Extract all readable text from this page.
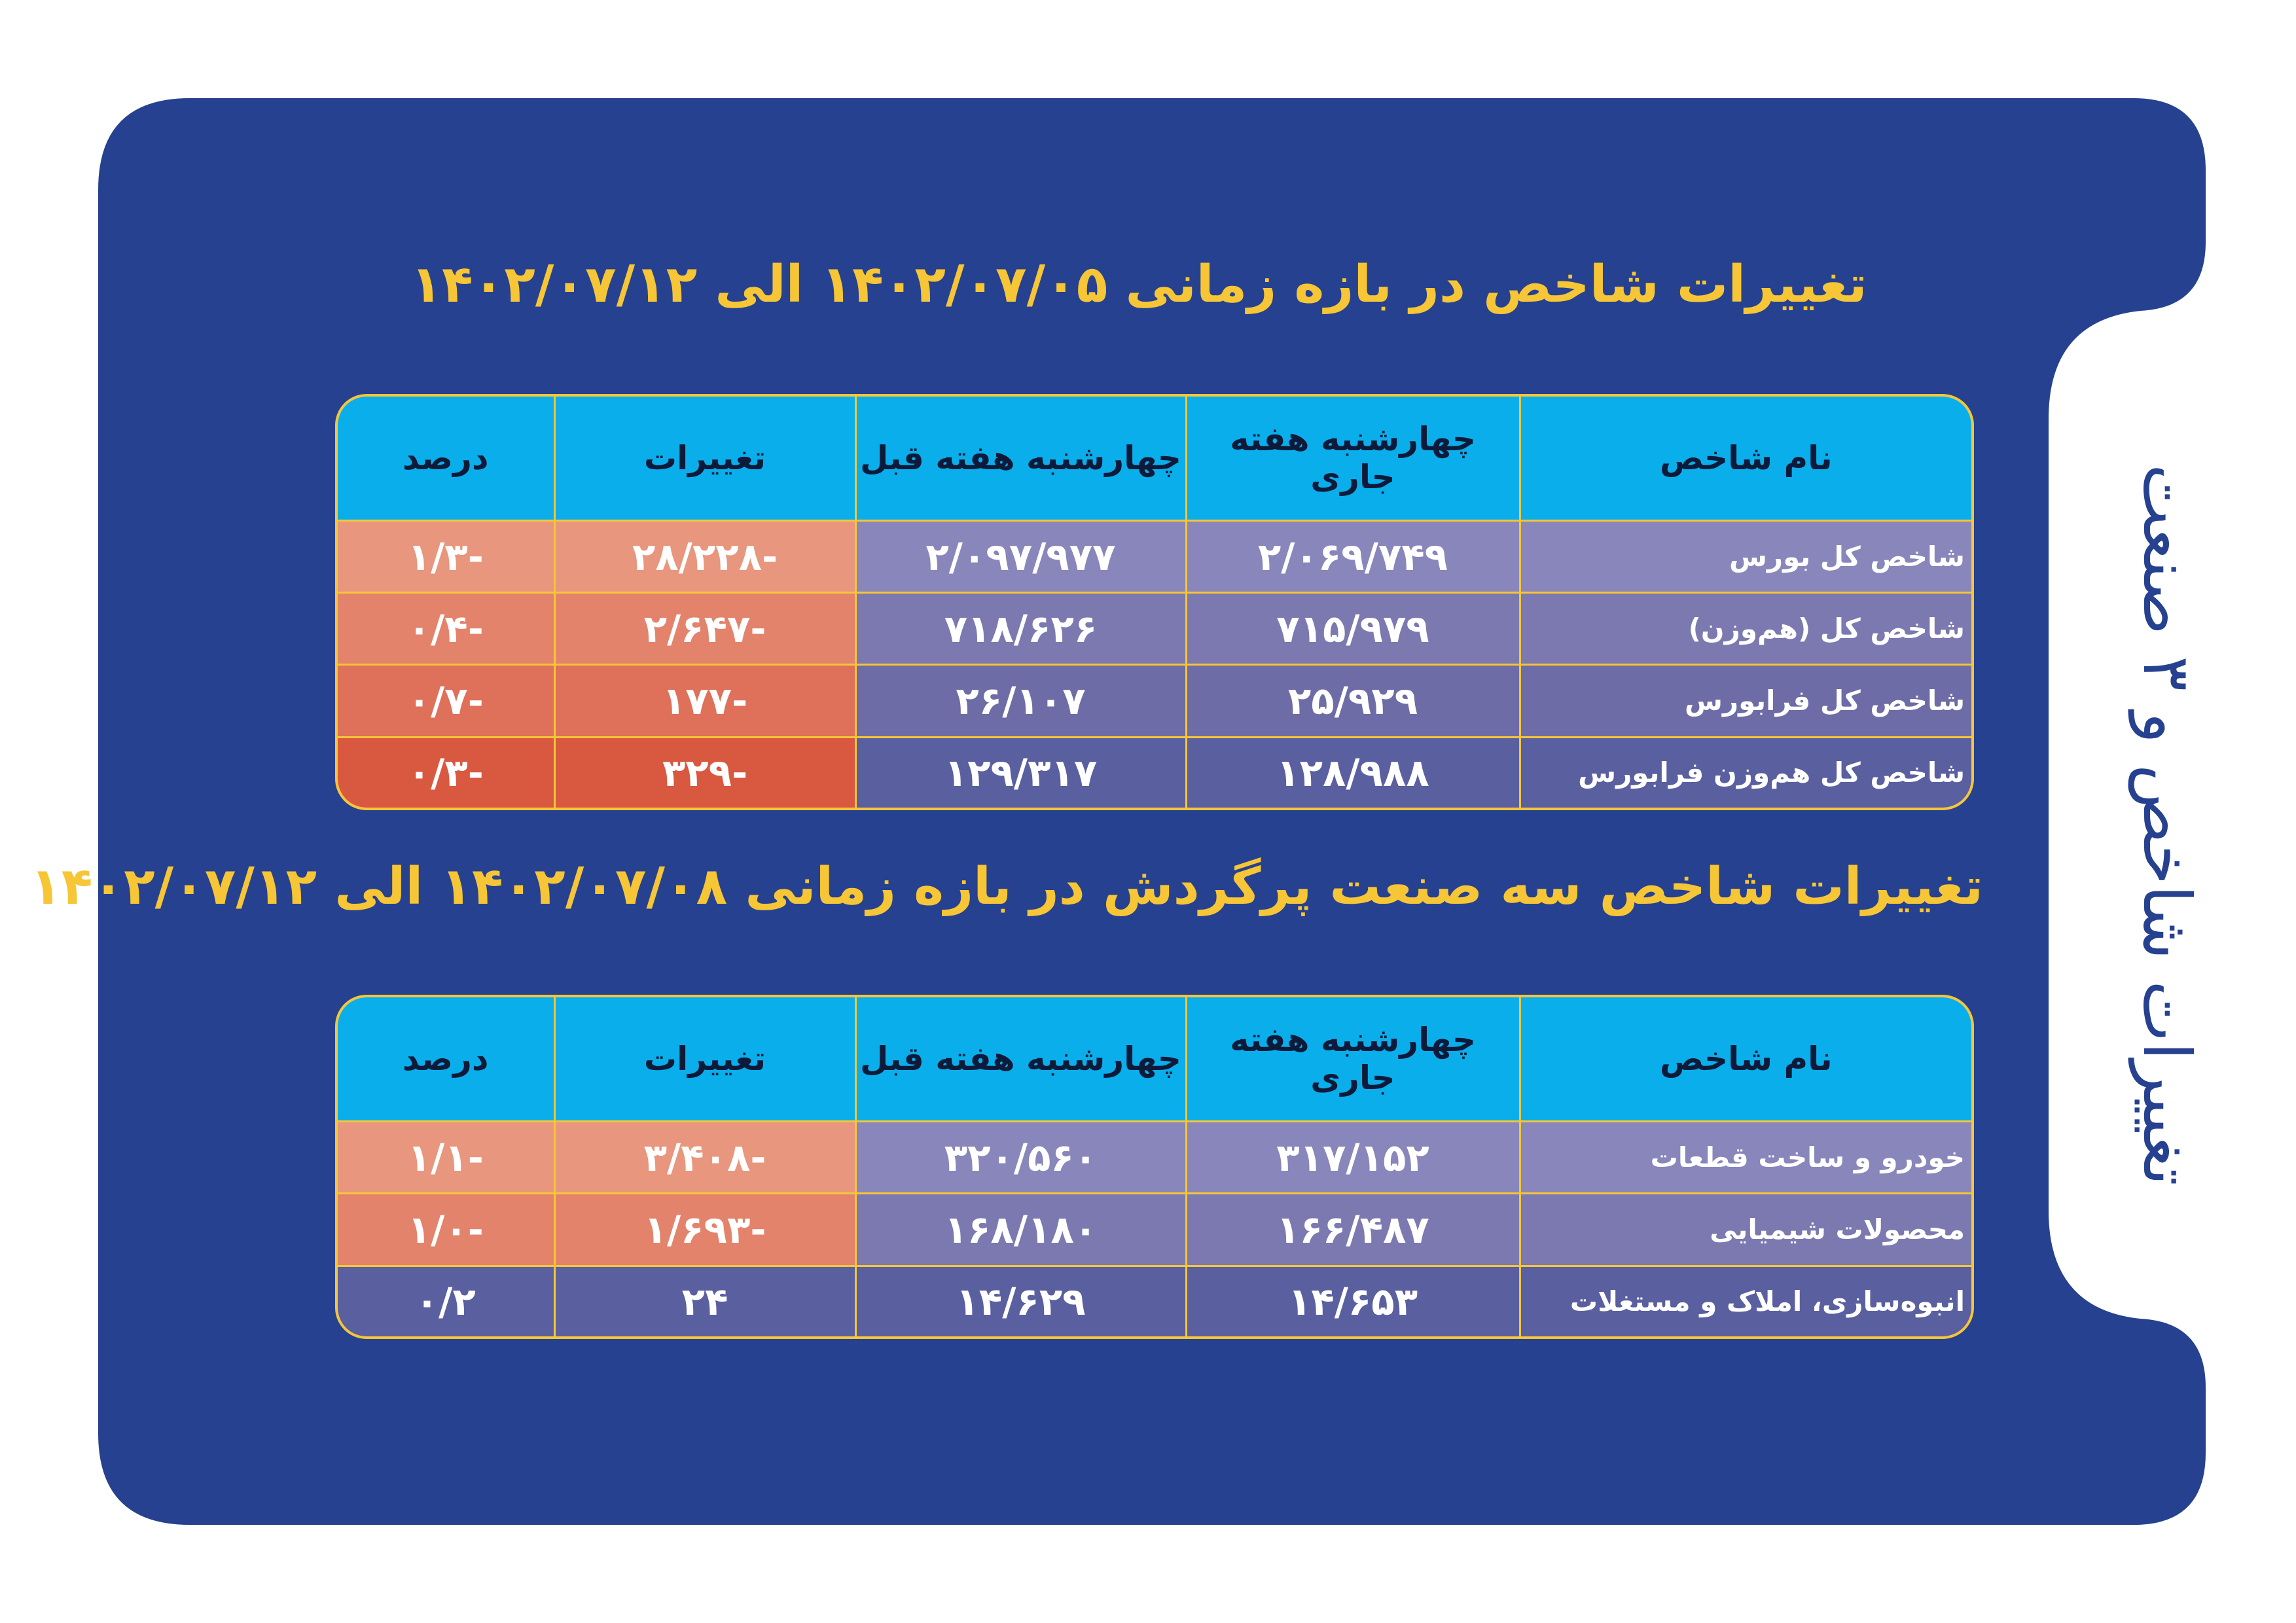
تغییرات شاخص و ۳ صنعت
تغییرات شاخص در بازه زمانی ۱۴۰۲/۰۷/۰۵ الی ۱۴۰۲/۰۷/۱۲
نام شاخص	چهارشنبه هفته جاری	چهارشنبه هفته قبل	تغییرات	درصد
شاخص کل بورس	۲/۰۶۹/۷۴۹	۲/۰۹۷/۹۷۷	-۲۸/۲۲۸	-۱/۳
شاخص کل (هم‌وزن)	۷۱۵/۹۷۹	۷۱۸/۶۲۶	-۲/۶۴۷	-۰/۴
شاخص کل فرابورس	۲۵/۹۲۹	۲۶/۱۰۷	-۱۷۷	-۰/۷
شاخص کل هم‌وزن فرابورس	۱۲۸/۹۸۸	۱۲۹/۳۱۷	-۳۲۹	-۰/۳
تغییرات شاخص سه صنعت پرگردش در بازه زمانی ۱۴۰۲/۰۷/۰۸ الی ۱۴۰۲/۰۷/۱۲
نام شاخص	چهارشنبه هفته جاری	چهارشنبه هفته قبل	تغییرات	درصد
خودرو و ساخت قطعات	۳۱۷/۱۵۲	۳۲۰/۵۶۰	-۳/۴۰۸	-۱/۱
محصولات شیمیایی	۱۶۶/۴۸۷	۱۶۸/۱۸۰	-۱/۶۹۳	-۱/۰
انبوه‌سازی، املاک و مستغلات	۱۴/۶۵۳	۱۴/۶۲۹	۲۴	۰/۲
